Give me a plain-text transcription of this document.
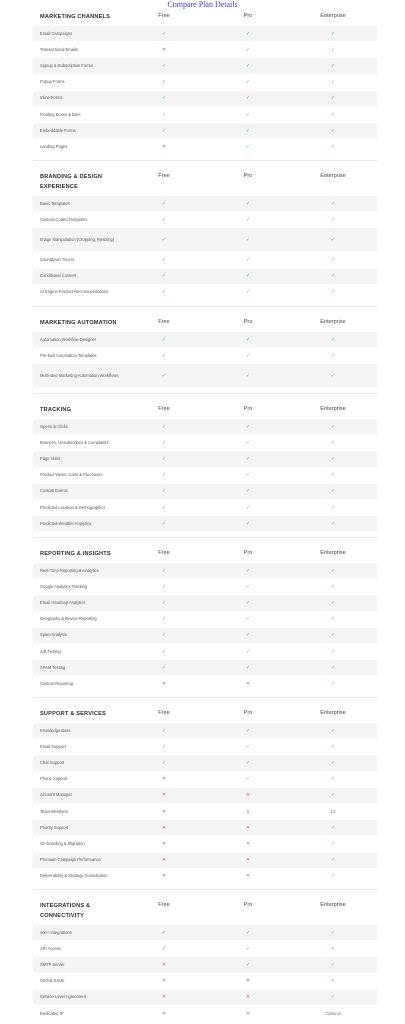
Compare Plan Details
MARKETING CHANNELS	Free	Pro	Enterprise
Email Campaigns	✓	✓	✓
Transactional Emails	✕	✓	✓
Signup & Subscription Forms	✓	✓	✓
Popup Forms	✓	✓	✓
Inline Forms	✓	✓	✓
Floating Boxes & Bars	✓	✓	✓
Embeddable Forms	✓	✓	✓
Landing Pages	✕	✓	✓
BRANDING & DESIGN EXPERIENCE
Free	Pro	Enterprise
Basic Templates	✓	✓	✓
Custom-Coded Templates	✓	✓	✓
Image Manipulation (Cropping, Resizing)	✓	✓	✓
Countdown Timers	✓	✓	✓
Conditional Content	✓	✓	✓
AI Engine Product Recommendations	✓	✓	✓
MARKETING AUTOMATION	Free	Pro	Enterprise
Automation Workflow Designer	✓	✓	✓
Pre-built Automation Templates	✓	✓	✓
Multi-step Marketing Automation Workflows	✓	✓	✓
TRACKING	Free	Pro	Enterprise
Opens & Clicks	✓	✓	✓
Bounces, Unsubscribes & Complaints	✓	✓	✓
Page Visits	✓	✓	✓
Product Views, Carts & Purchases	✓	✓	✓
Custom Events	✓	✓	✓
Predicted Location & Demographics	✓	✓	✓
Predicted Weather Analytics	✓	✓	✓
REPORTING & INSIGHTS	Free	Pro	Enterprise
Real-Time Reporting & Analytics	✓	✓	✓
Google Analytics Tracking	✓	✓	✓
Email Heatmap Analytics	✓	✓	✓
Geography & Device Reporting	✓	✓	✓
Spam Analysis	✓	✓	✓
A/B Testing	✓	✓	✓
SPAM Testing	✓	✓	✓
Custom Reporting	✕	✕	✓
SUPPORT & SERVICES	Free	Pro	Enterprise
Knowledge Base	✓	✓	✓
Email Support	✓	✓	✓
Chat Support	✓	✓	✓
Phone Support	✕	✓	✓
Account Manager	✕	✕	✓
Team Members	✕	5	10
Priority Support	✕	✕	✓
On-boarding & Migration	✕	✕	✓
Premium Campaign Performance	✕	✕	✓
Deliverability & Strategy Consultation	✕	✕	✓
INTEGRATIONS & CONNECTIVITY
Free	Pro	Enterprise
100+ Integrations	✓	✓	✓
API Access	✓	✓	✓
SMTP Server	✕	✓	✓
SSO & SAML	✕	✕	✓
Service-Level Agreement	✕	✕	✓
Dedicated IP	✕	✕	Optional
